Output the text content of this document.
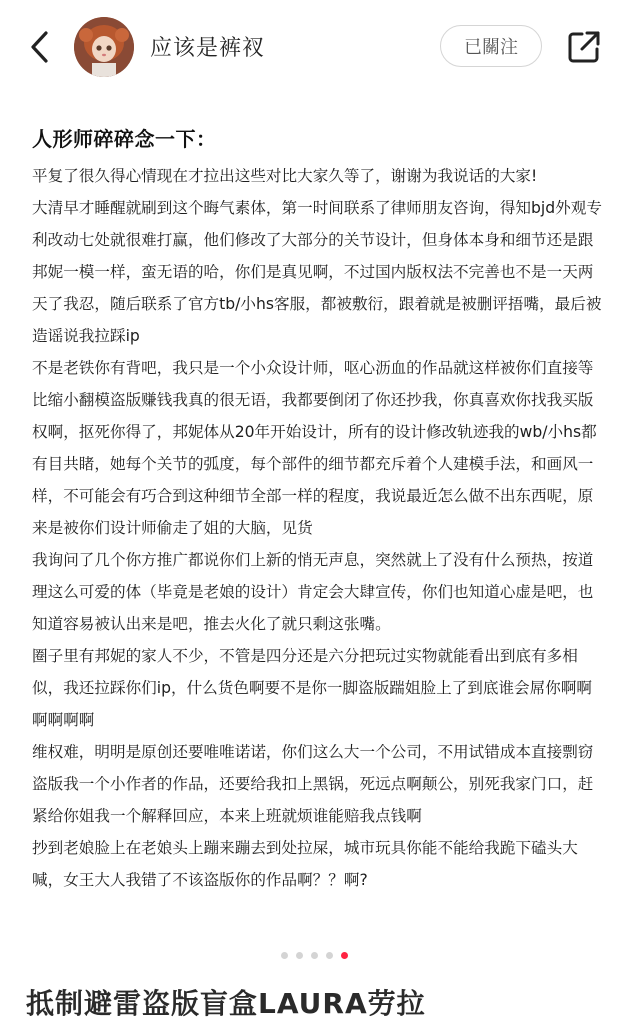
应该是裤衩	已關注
人形师碎碎念一下：

平复了很久得心情现在才拉出这些对比大家久等了，谢谢为我说话的大家!

大清早才睡醒就刷到这个晦气素体，第一时间联系了律师朋友咨询，得知bjd外观专利改动七处就很难打赢，他们修改了大部分的关节设计，但身体本身和细节还是跟邦妮一模一样，蛮无语的哈，你们是真见啊，不过国内版权法不完善也不是一天两天了我忍，随后联系了官方tb/小hs客服，都被敷衍，跟着就是被删评捂嘴，最后被造谣说我拉踩ip

不是老铁你有背吧，我只是一个小众设计师，呕心沥血的作品就这样被你们直接等比缩小翻模盗版赚钱我真的很无语，我都要倒闭了你还抄我，你真喜欢你找我买版权啊，抠死你得了，邦妮体从20年开始设计，所有的设计修改轨迹我的wb/小hs都有目共睹，她每个关节的弧度，每个部件的细节都充斥着个人建模手法，和画风一样，不可能会有巧合到这种细节全部一样的程度，我说最近怎么做不出东西呢，原来是被你们设计师偷走了姐的大脑，见货

我询问了几个你方推广都说你们上新的悄无声息，突然就上了没有什么预热，按道理这么可爱的体（毕竟是老娘的设计）肯定会大肆宣传，你们也知道心虚是吧，也知道容易被认出来是吧，推去火化了就只剩这张嘴。

圈子里有邦妮的家人不少，不管是四分还是六分把玩过实物就能看出到底有多相似，我还拉踩你们ip，什么货色啊要不是你一脚盗版踹姐脸上了到底谁会屌你啊啊啊啊啊啊

维权难，明明是原创还要唯唯诺诺，你们这么大一个公司，不用试错成本直接剽窃盗版我一个小作者的作品，还要给我扣上黑锅，死远点啊颠公，别死我家门口，赶紧给你姐我一个解释回应，本来上班就烦谁能赔我点钱啊

抄到老娘脸上在老娘头上蹦来蹦去到处拉屎，城市玩具你能不能给我跪下磕头大喊，女王大人我错了不该盗版你的作品啊？？啊?

抵制避雷盗版盲盒LAURA劳拉
